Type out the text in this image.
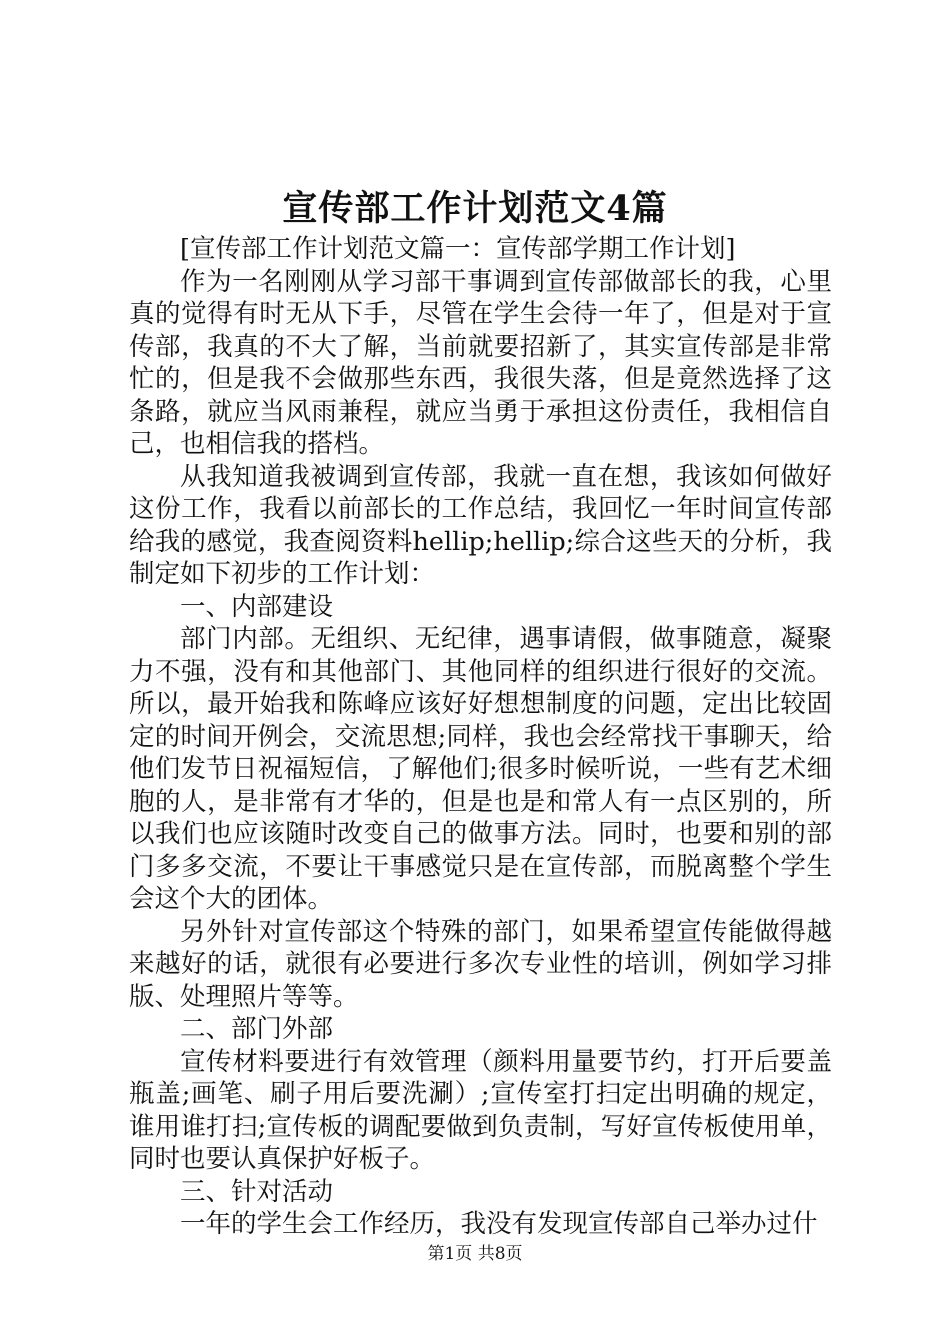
宣传部工作计划范文4篇

[宣传部工作计划范文篇一：宣传部学期工作计划]

作为一名刚刚从学习部干事调到宣传部做部长的我，心里真的觉得有时无从下手，尽管在学生会待一年了，但是对于宣传部，我真的不大了解，当前就要招新了，其实宣传部是非常忙的，但是我不会做那些东西，我很失落，但是竟然选择了这条路，就应当风雨兼程，就应当勇于承担这份责任，我相信自己，也相信我的搭档。

从我知道我被调到宣传部，我就一直在想，我该如何做好这份工作，我看以前部长的工作总结，我回忆一年时间宣传部给我的感觉，我查阅资料hellip;hellip;综合这些天的分析，我制定如下初步的工作计划：

一、内部建设

部门内部。无组织、无纪律，遇事请假，做事随意，凝聚力不强，没有和其他部门、其他同样的组织进行很好的交流。所以，最开始我和陈峰应该好好想想制度的问题，定出比较固定的时间开例会，交流思想;同样，我也会经常找干事聊天，给他们发节日祝福短信，了解他们;很多时候听说，一些有艺术细胞的人，是非常有才华的，但是也是和常人有一点区别的，所以我们也应该随时改变自己的做事方法。同时，也要和别的部门多多交流，不要让干事感觉只是在宣传部，而脱离整个学生会这个大的团体。

另外针对宣传部这个特殊的部门，如果希望宣传能做得越来越好的话，就很有必要进行多次专业性的培训，例如学习排版、处理照片等等。

二、部门外部

宣传材料要进行有效管理（颜料用量要节约，打开后要盖瓶盖;画笔、刷子用后要洗涮）;宣传室打扫定出明确的规定，谁用谁打扫;宣传板的调配要做到负责制，写好宣传板使用单，同时也要认真保护好板子。

三、针对活动

一年的学生会工作经历，我没有发现宣传部自己举办过什

第1页 共8页
